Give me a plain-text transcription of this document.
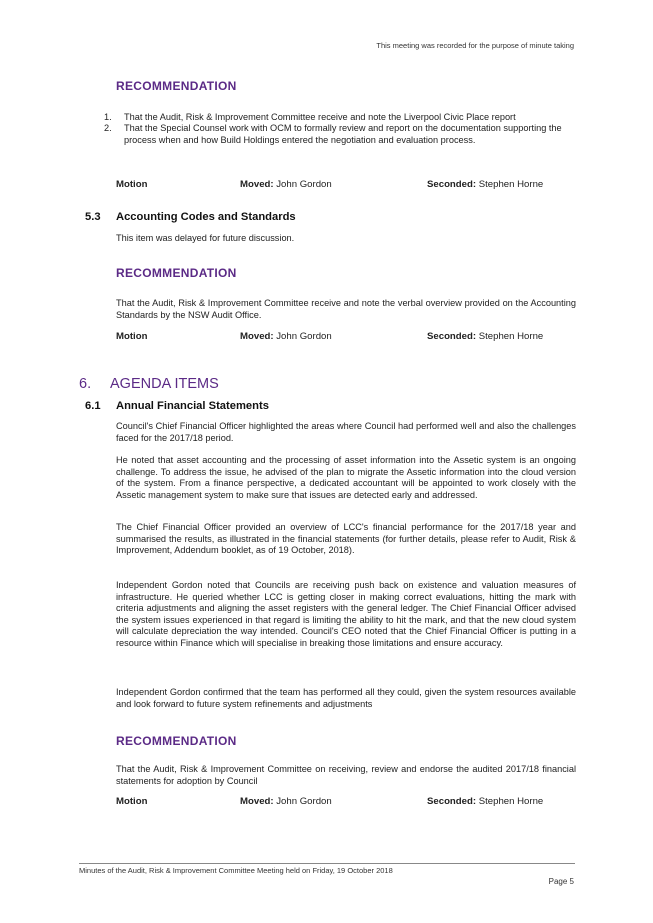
This meeting was recorded for the purpose of minute taking
RECOMMENDATION
1. That the Audit, Risk & Improvement Committee receive and note the Liverpool Civic Place report
2. That the Special Counsel work with OCM to formally review and report on the documentation supporting the process when and how Build Holdings entered the negotiation and evaluation process.
Motion	Moved: John Gordon	Seconded: Stephen Horne
5.3 Accounting Codes and Standards

This item was delayed for future discussion.

RECOMMENDATION

That the Audit, Risk & Improvement Committee receive and note the verbal overview provided on the Accounting Standards by the NSW Audit Office.

Motion	Moved: John Gordon	Seconded: Stephen Horne
6. AGENDA ITEMS
6.1 Annual Financial Statements

Council's Chief Financial Officer highlighted the areas where Council had performed well and also the challenges faced for the 2017/18 period.

He noted that asset accounting and the processing of asset information into the Assetic system is an ongoing challenge. To address the issue, he advised of the plan to migrate the Assetic information into the cloud version of the system. From a finance perspective, a dedicated accountant will be appointed to work closely with the Assetic management system to make sure that issues are detected early and addressed.

The Chief Financial Officer provided an overview of LCC's financial performance for the 2017/18 year and summarised the results, as illustrated in the financial statements (for further details, please refer to Audit, Risk & Improvement, Addendum booklet, as of 19 October, 2018).

Independent Gordon noted that Councils are receiving push back on existence and valuation measures of infrastructure. He queried whether LCC is getting closer in making correct evaluations, hitting the mark with criteria adjustments and aligning the asset registers with the general ledger. The Chief Financial Officer advised the system issues experienced in that regard is limiting the ability to hit the mark, and that the new cloud system will calculate depreciation the way intended. Council's CEO noted that the Chief Financial Officer is putting in a resource within Finance which will specialise in breaking those limitations and ensure accuracy.

Independent Gordon confirmed that the team has performed all they could, given the system resources available and look forward to future system refinements and adjustments

RECOMMENDATION

That the Audit, Risk & Improvement Committee on receiving, review and endorse the audited 2017/18 financial statements for adoption by Council

Motion	Moved: John Gordon	Seconded: Stephen Horne
Minutes of the Audit, Risk & Improvement Committee Meeting held on Friday, 19 October 2018
Page 5
